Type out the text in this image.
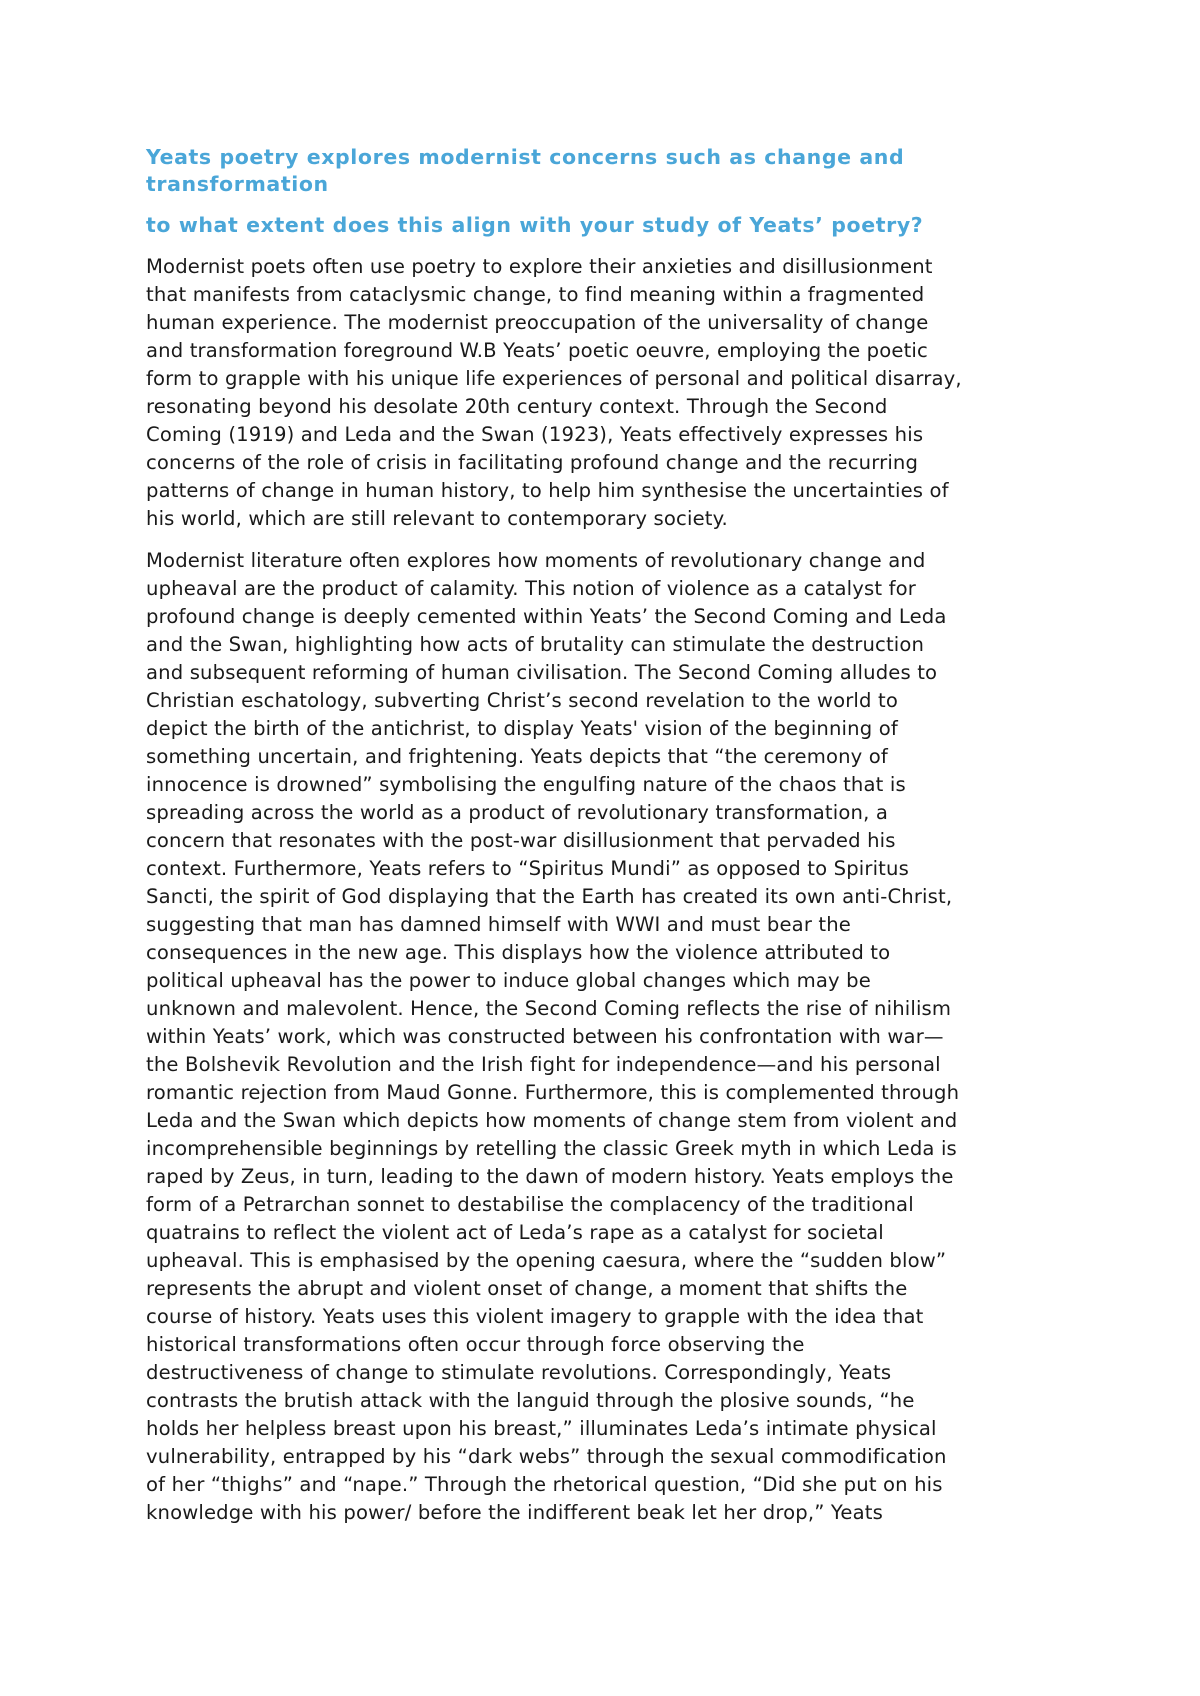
Yeats poetry explores modernist concerns such as change and
transformation
to what extent does this align with your study of Yeats’ poetry?

Modernist poets often use poetry to explore their anxieties and disillusionment
that manifests from cataclysmic change, to find meaning within a fragmented
human experience. The modernist preoccupation of the universality of change
and transformation foreground W.B Yeats’ poetic oeuvre, employing the poetic
form to grapple with his unique life experiences of personal and political disarray,
resonating beyond his desolate 20th century context. Through the Second
Coming (1919) and Leda and the Swan (1923), Yeats effectively expresses his
concerns of the role of crisis in facilitating profound change and the recurring
patterns of change in human history, to help him synthesise the uncertainties of
his world, which are still relevant to contemporary society.

Modernist literature often explores how moments of revolutionary change and
upheaval are the product of calamity. This notion of violence as a catalyst for
profound change is deeply cemented within Yeats’ the Second Coming and Leda
and the Swan, highlighting how acts of brutality can stimulate the destruction
and subsequent reforming of human civilisation. The Second Coming alludes to
Christian eschatology, subverting Christ’s second revelation to the world to
depict the birth of the antichrist, to display Yeats' vision of the beginning of
something uncertain, and frightening. Yeats depicts that “the ceremony of
innocence is drowned” symbolising the engulfing nature of the chaos that is
spreading across the world as a product of revolutionary transformation, a
concern that resonates with the post-war disillusionment that pervaded his
context. Furthermore, Yeats refers to “Spiritus Mundi” as opposed to Spiritus
Sancti, the spirit of God displaying that the Earth has created its own anti-Christ,
suggesting that man has damned himself with WWI and must bear the
consequences in the new age. This displays how the violence attributed to
political upheaval has the power to induce global changes which may be
unknown and malevolent. Hence, the Second Coming reflects the rise of nihilism
within Yeats’ work, which was constructed between his confrontation with war—
the Bolshevik Revolution and the Irish fight for independence—and his personal
romantic rejection from Maud Gonne. Furthermore, this is complemented through
Leda and the Swan which depicts how moments of change stem from violent and
incomprehensible beginnings by retelling the classic Greek myth in which Leda is
raped by Zeus, in turn, leading to the dawn of modern history. Yeats employs the
form of a Petrarchan sonnet to destabilise the complacency of the traditional
quatrains to reflect the violent act of Leda’s rape as a catalyst for societal
upheaval. This is emphasised by the opening caesura, where the “sudden blow”
represents the abrupt and violent onset of change, a moment that shifts the
course of history. Yeats uses this violent imagery to grapple with the idea that
historical transformations often occur through force observing the
destructiveness of change to stimulate revolutions. Correspondingly, Yeats
contrasts the brutish attack with the languid through the plosive sounds, “he
holds her helpless breast upon his breast,” illuminates Leda’s intimate physical
vulnerability, entrapped by his “dark webs” through the sexual commodification
of her “thighs” and “nape.” Through the rhetorical question, “Did she put on his
knowledge with his power/ before the indifferent beak let her drop,” Yeats
